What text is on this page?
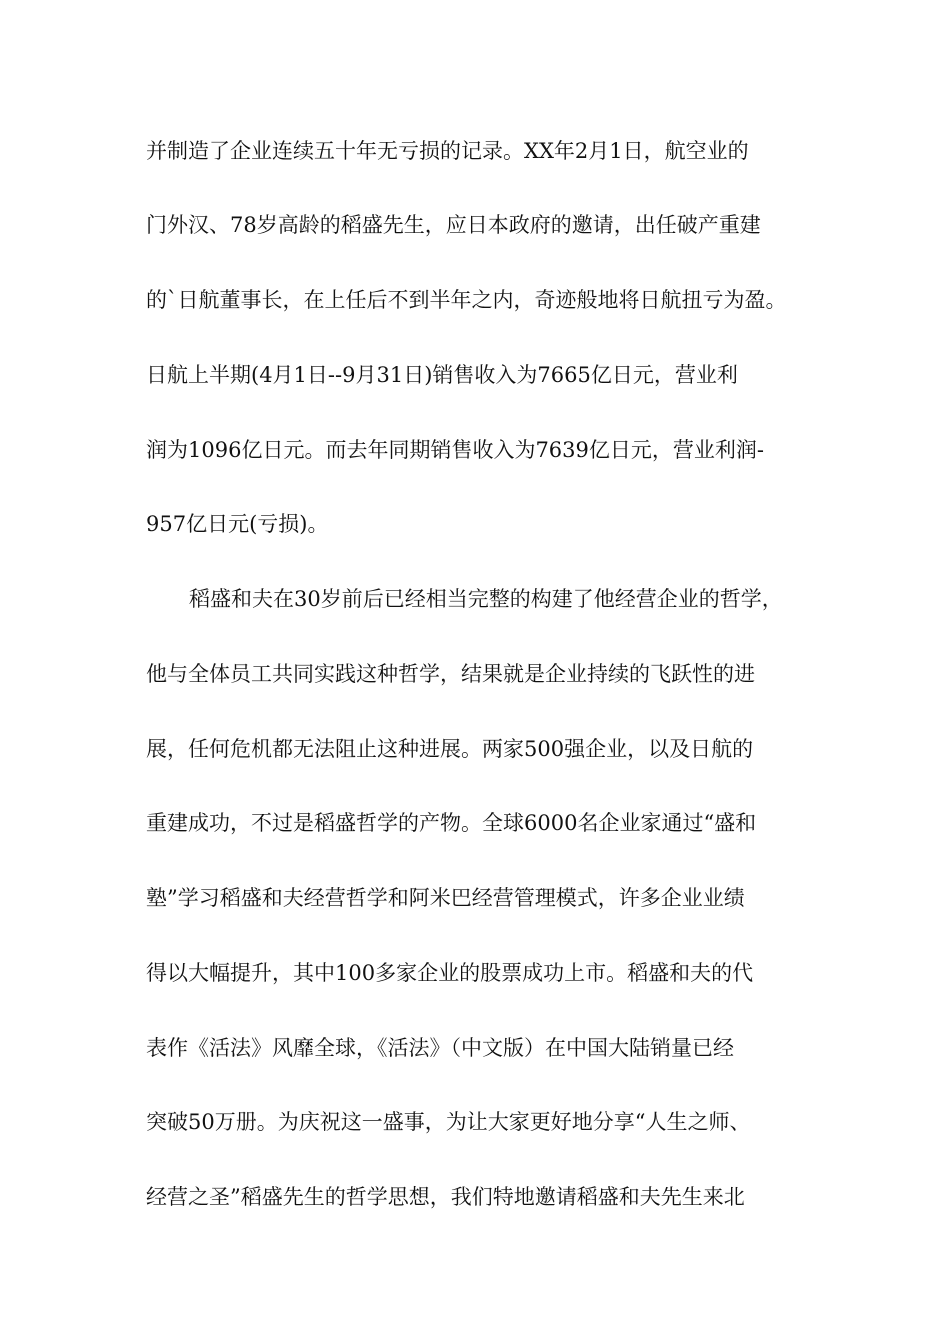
并制造了企业连续五十年无亏损的记录。XX年2月1日，航空业的
门外汉、78岁高龄的稻盛先生，应日本政府的邀请，出任破产重建
的`日航董事长，在上任后不到半年之内，奇迹般地将日航扭亏为盈。
日航上半期(4月1日--9月31日)销售收入为7665亿日元，营业利
润为1096亿日元。而去年同期销售收入为7639亿日元，营业利润-
957亿日元(亏损)。
稻盛和夫在30岁前后已经相当完整的构建了他经营企业的哲学，
他与全体员工共同实践这种哲学，结果就是企业持续的飞跃性的进
展，任何危机都无法阻止这种进展。两家500强企业，以及日航的
重建成功，不过是稻盛哲学的产物。全球6000名企业家通过“盛和
塾”学习稻盛和夫经营哲学和阿米巴经营管理模式，许多企业业绩
得以大幅提升，其中100多家企业的股票成功上市。稻盛和夫的代
表作《活法》风靡全球，《活法》（中文版）在中国大陆销量已经
突破50万册。为庆祝这一盛事，为让大家更好地分享“人生之师、
经营之圣”稻盛先生的哲学思想，我们特地邀请稻盛和夫先生来北
